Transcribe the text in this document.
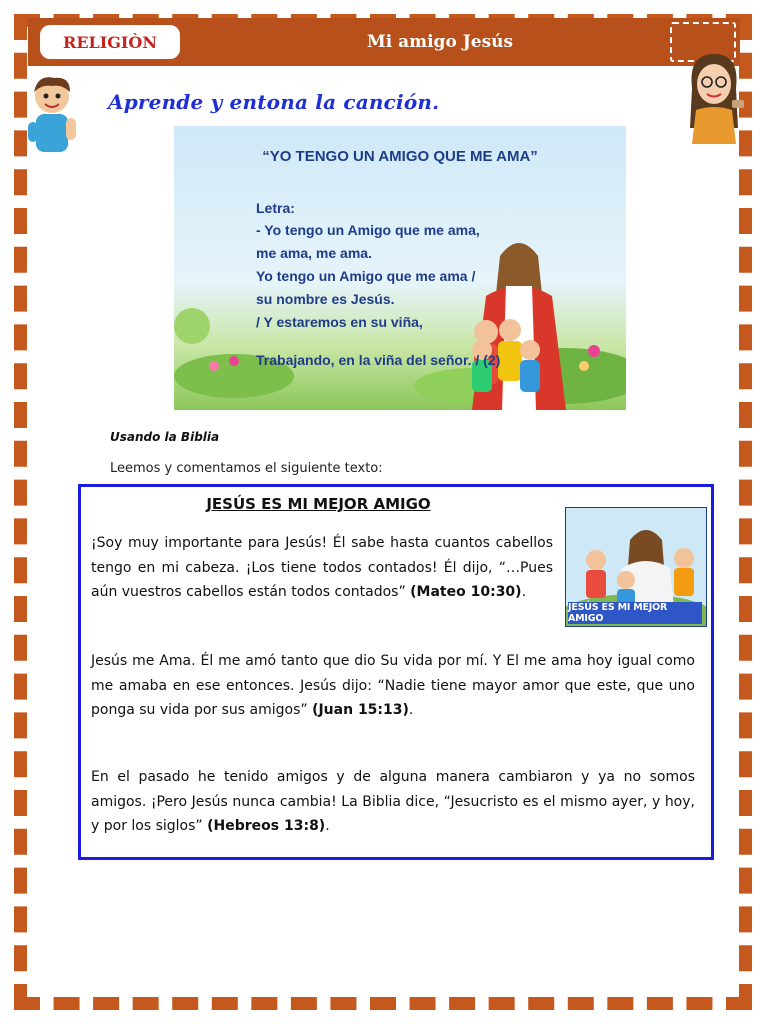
RELIGIÒN	Mi amigo Jesús
Aprende y entona la canción.
“YO TENGO UN AMIGO QUE ME AMA”
Letra:
- Yo tengo un Amigo que me ama,
me ama, me ama.
Yo tengo un Amigo que me ama /
su nombre es Jesús.
/ Y estaremos en su viña,
Trabajando, en la viña del señor. / (2)
Usando la Biblia
Leemos y comentamos el siguiente texto:
JESÚS ES MI MEJOR AMIGO
¡Soy muy importante para Jesús! Él sabe hasta cuantos cabellos tengo en mi cabeza. ¡Los tiene todos contados! Él dijo, “…Pues aún vuestros cabellos están todos contados” (Mateo 10:30).
JESÚS ES MI MEJOR AMIGO
Jesús me Ama. Él me amó tanto que dio Su vida por mí. Y El me ama hoy igual como me amaba en ese entonces. Jesús dijo: “Nadie tiene mayor amor que este, que uno ponga su vida por sus amigos” (Juan 15:13).
En el pasado he tenido amigos y de alguna manera cambiaron y ya no somos amigos. ¡Pero Jesús nunca cambia! La Biblia dice, “Jesucristo es el mismo ayer, y hoy, y por los siglos” (Hebreos 13:8).
